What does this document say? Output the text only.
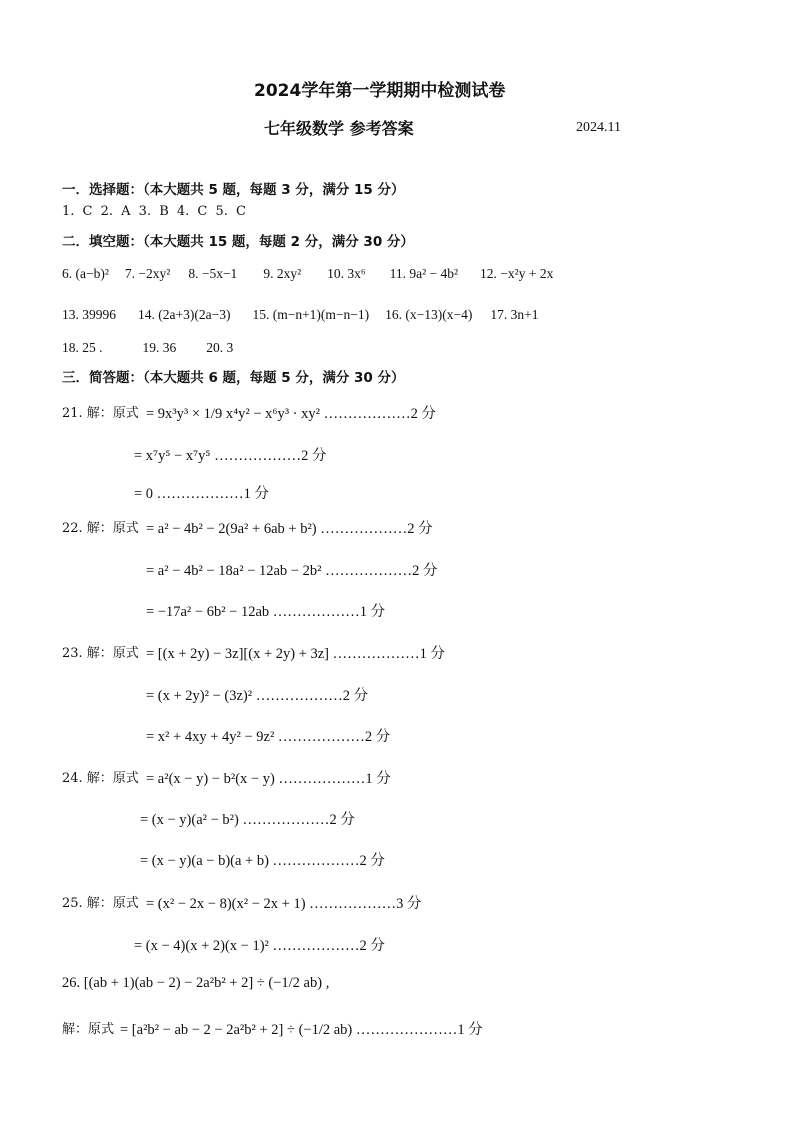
2024学年第一学期期中检测试卷
七年级数学 参考答案	2024.11
一．选择题：（本大题共 5 题，每题 3 分，满分 15 分）
1. C 2. A 3. B 4. C 5. C
二．填空题：（本大题共 15 题，每题 2 分，满分 30 分）
6. (a−b)² 7. −2xy² 8. −5x−1 9. 2xy² 10. 3x⁶ 11. 9a² − 4b² 12. −x²y + 2x
13. 39996 14. (2a+3)(2a−3) 15. (m−n+1)(m−n−1) 16. (x−13)(x−4) 17. 3n+1
18. 25 .	19. 36 20. 3
三．简答题：（本大题共 6 题，每题 5 分，满分 30 分）
21. 解：原式 = 9x³y³ × 1/9 x⁴y² − x⁶y³ · xy² ………………2 分
= x⁷y⁵ − x⁷y⁵ ………………2 分
= 0 ………………1 分
22. 解：原式 = a² − 4b² − 2(9a² + 6ab + b²) ………………2 分
= a² − 4b² − 18a² − 12ab − 2b² ………………2 分
= −17a² − 6b² − 12ab ………………1 分
23. 解：原式 = [(x + 2y) − 3z][(x + 2y) + 3z] ………………1 分
= (x + 2y)² − (3z)² ………………2 分
= x² + 4xy + 4y² − 9z² ………………2 分
24. 解：原式 = a²(x − y) − b²(x − y) ………………1 分
= (x − y)(a² − b²) ………………2 分
= (x − y)(a − b)(a + b) ………………2 分
25. 解：原式 = (x² − 2x − 8)(x² − 2x + 1) ………………3 分
= (x − 4)(x + 2)(x − 1)² ………………2 分
26. [(ab + 1)(ab − 2) − 2a²b² + 2] ÷ (−1/2 ab) ,
解：原式 = [a²b² − ab − 2 − 2a²b² + 2] ÷ (−1/2 ab) …………………1 分
